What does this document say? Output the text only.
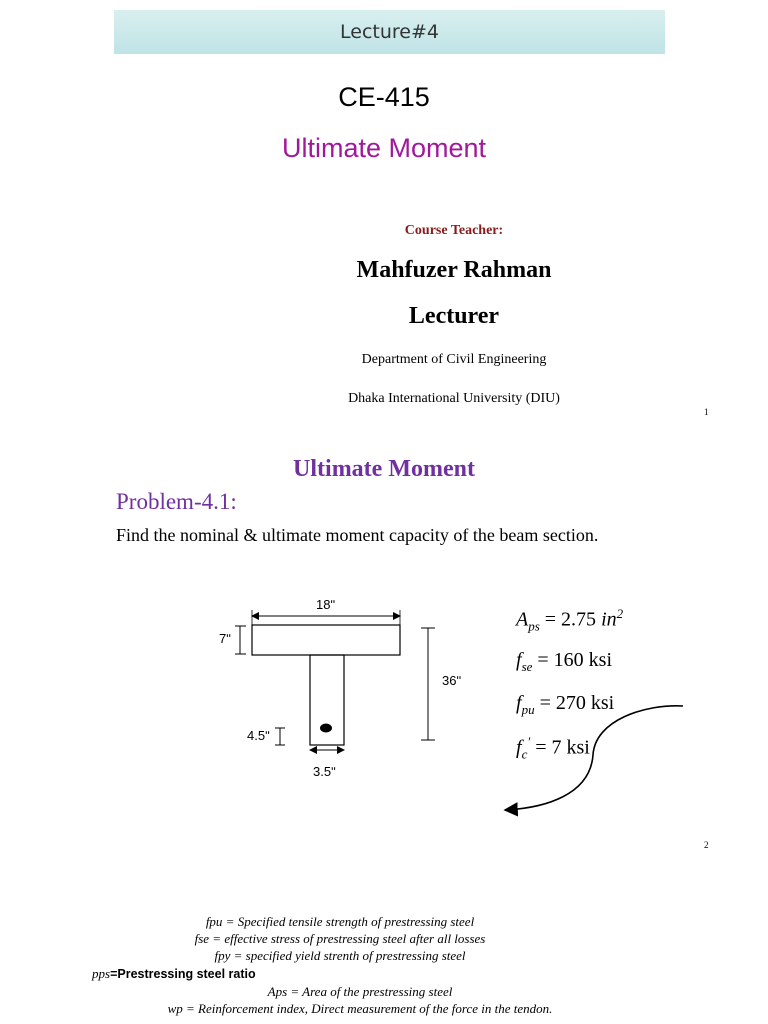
Lecture#4
CE-415
Ultimate Moment
Course Teacher:
Mahfuzer Rahman
Lecturer
Department of Civil Engineering
Dhaka International University (DIU)
1
Ultimate Moment
Problem-4.1:
Find the nominal & ultimate moment capacity of the beam section.
18ʺ
7ʺ
36ʺ
4.5ʺ
3.5ʺ
$A_{ps} = 2.75$ $in^2$
$f_{se} = 160$ ksi
$f_{pu} = 270$ ksi
$f_c' = 7$ ksi
2
fpu = Specified tensile strength of prestressing steel
fse = effective stress of prestressing steel after all losses
fpy = specified yield strenth of prestressing steel
pps=Prestressing steel ratio
Aps = Area of the prestressing steel
wp = Reinforcement index, Direct measurement of the force in the tendon.
